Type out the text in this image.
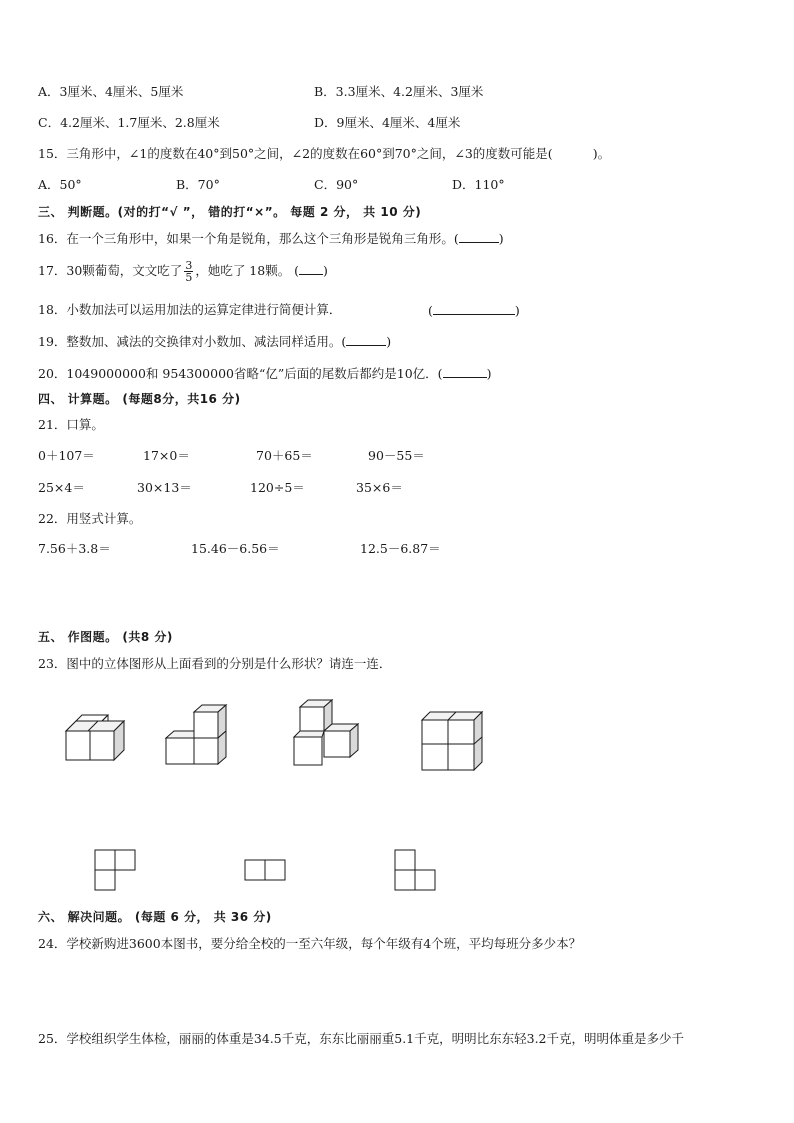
A．3厘米、4厘米、5厘米	B．3.3厘米、4.2厘米、3厘米
C．4.2厘米、1.7厘米、2.8厘米	D．9厘米、4厘米、4厘米
15．三角形中，∠1的度数在40°到50°之间，∠2的度数在60°到70°之间，∠3的度数可能是(	)。
A．50°	B．70°	C．90°	D．110°
三、 判断题。(对的打“√ ”， 错的打“×”。 每题 2 分， 共 10 分)
16．在一个三角形中，如果一个角是锐角，那么这个三角形是锐角三角形。(	)
17．30颗葡萄，文文吃了 $\frac{3}{5}$ ，她吃了 18颗。 ( )
18．小数加法可以运用加法的运算定律进行简便计算．	(	)
19．整数加、减法的交换律对小数加、减法同样适用。(	)
20．1049000000和 954300000省略“亿”后面的尾数后都约是10亿．(	)
四、 计算题。 (每题8分，共16 分)
21．口算。
0＋107＝	17×0＝	70＋65＝	90－55＝
25×4＝	30×13＝	120÷5＝	35×6＝
22．用竖式计算。
7.56＋3.8＝	15.46－6.56＝	12.5－6.87＝
五、 作图题。 (共8 分)
23．图中的立体图形从上面看到的分别是什么形状？请连一连．
六、 解决问题。 (每题 6 分， 共 36 分)
24．学校新购进3600本图书，要分给全校的一至六年级，每个年级有4个班，平均每班分多少本？
25．学校组织学生体检，丽丽的体重是34.5千克，东东比丽丽重5.1千克，明明比东东轻3.2千克，明明体重是多少千
